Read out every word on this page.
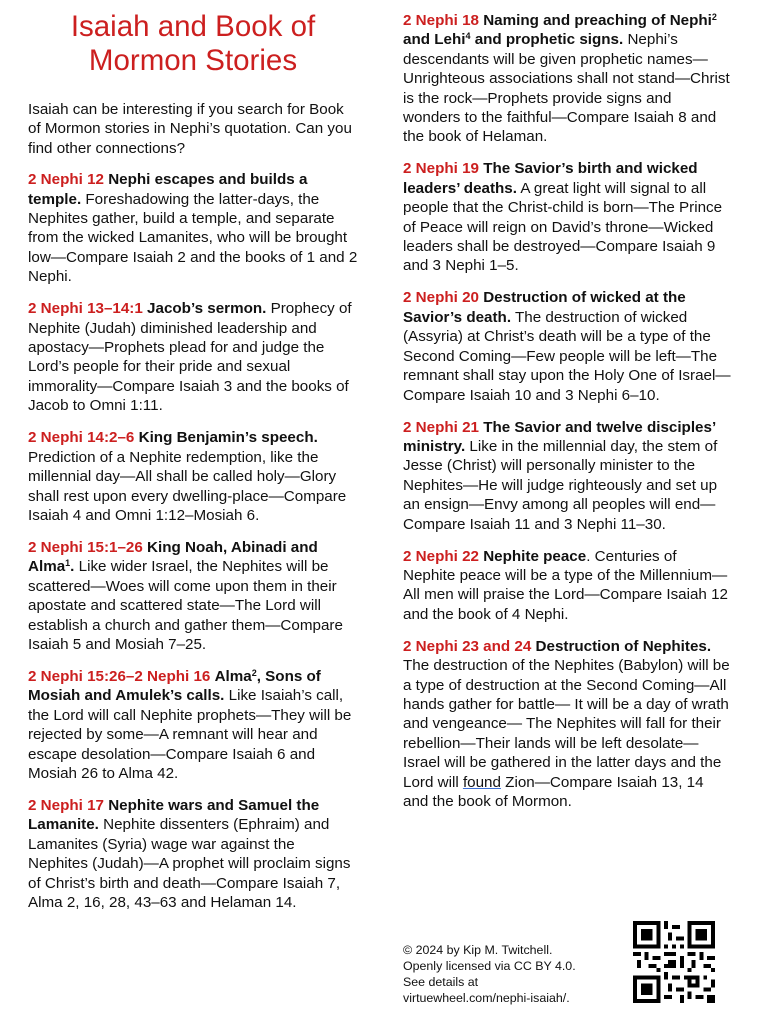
Isaiah and Book of
Mormon Stories

Isaiah can be interesting if you search for Book of Mormon stories in Nephi’s quotation. Can you find other connections?

2 Nephi 12 Nephi escapes and builds a temple. Foreshadowing the latter-days, the Nephites gather, build a temple, and separate from the wicked Lamanites, who will be brought low—Compare Isaiah 2 and the books of 1 and 2 Nephi.

2 Nephi 13–14:1 Jacob’s sermon. Prophecy of Nephite (Judah) diminished leadership and apostacy—Prophets plead for and judge the Lord’s people for their pride and sexual immorality—Compare Isaiah 3 and the books of Jacob to Omni 1:11.

2 Nephi 14:2–6 King Benjamin’s speech. Prediction of a Nephite redemption, like the millennial day—All shall be called holy—Glory shall rest upon every dwelling-place—Compare Isaiah 4 and Omni 1:12–Mosiah 6.

2 Nephi 15:1–26 King Noah, Abinadi and Alma$^1$. Like wider Israel, the Nephites will be scattered—Woes will come upon them in their apostate and scattered state—The Lord will establish a church and gather them—Compare Isaiah 5 and Mosiah 7–25.

2 Nephi 15:26–2 Nephi 16 Alma$^2$, Sons of Mosiah and Amulek’s calls. Like Isaiah’s call, the Lord will call Nephite prophets—They will be rejected by some—A remnant will hear and escape desolation—Compare Isaiah 6 and Mosiah 26 to Alma 42.

2 Nephi 17 Nephite wars and Samuel the Lamanite. Nephite dissenters (Ephraim) and Lamanites (Syria) wage war against the Nephites (Judah)—A prophet will proclaim signs of Christ’s birth and death—Compare Isaiah 7, Alma 2, 16, 28, 43–63 and Helaman 14.

2 Nephi 18 Naming and preaching of Nephi$^2$ and Lehi$^4$ and prophetic signs. Nephi’s descendants will be given prophetic names—Unrighteous associations shall not stand—Christ is the rock—Prophets provide signs and wonders to the faithful—Compare Isaiah 8 and the book of Helaman.

2 Nephi 19 The Savior’s birth and wicked leaders’ deaths. A great light will signal to all people that the Christ-child is born—The Prince of Peace will reign on David’s throne—Wicked leaders shall be destroyed—Compare Isaiah 9 and 3 Nephi 1–5.

2 Nephi 20 Destruction of wicked at the Savior’s death. The destruction of wicked (Assyria) at Christ’s death will be a type of the Second Coming—Few people will be left—The remnant shall stay upon the Holy One of Israel—Compare Isaiah 10 and 3 Nephi 6–10.

2 Nephi 21 The Savior and twelve disciples’ ministry. Like in the millennial day, the stem of Jesse (Christ) will personally minister to the Nephites—He will judge righteously and set up an ensign—Envy among all peoples will end—Compare Isaiah 11 and 3 Nephi 11–30.

2 Nephi 22 Nephite peace. Centuries of Nephite peace will be a type of the Millennium—All men will praise the Lord—Compare Isaiah 12 and the book of 4 Nephi.

2 Nephi 23 and 24 Destruction of Nephites. The destruction of the Nephites (Babylon) will be a type of destruction at the Second Coming—All hands gather for battle— It will be a day of wrath and vengeance— The Nephites will fall for their rebellion—Their lands will be left desolate—Israel will be gathered in the latter days and the Lord will found Zion—Compare Isaiah 13, 14 and the book of Mormon.

© 2024 by Kip M. Twitchell.
Openly licensed via CC BY 4.0.
See details at
virtuewheel.com/nephi-isaiah/.
